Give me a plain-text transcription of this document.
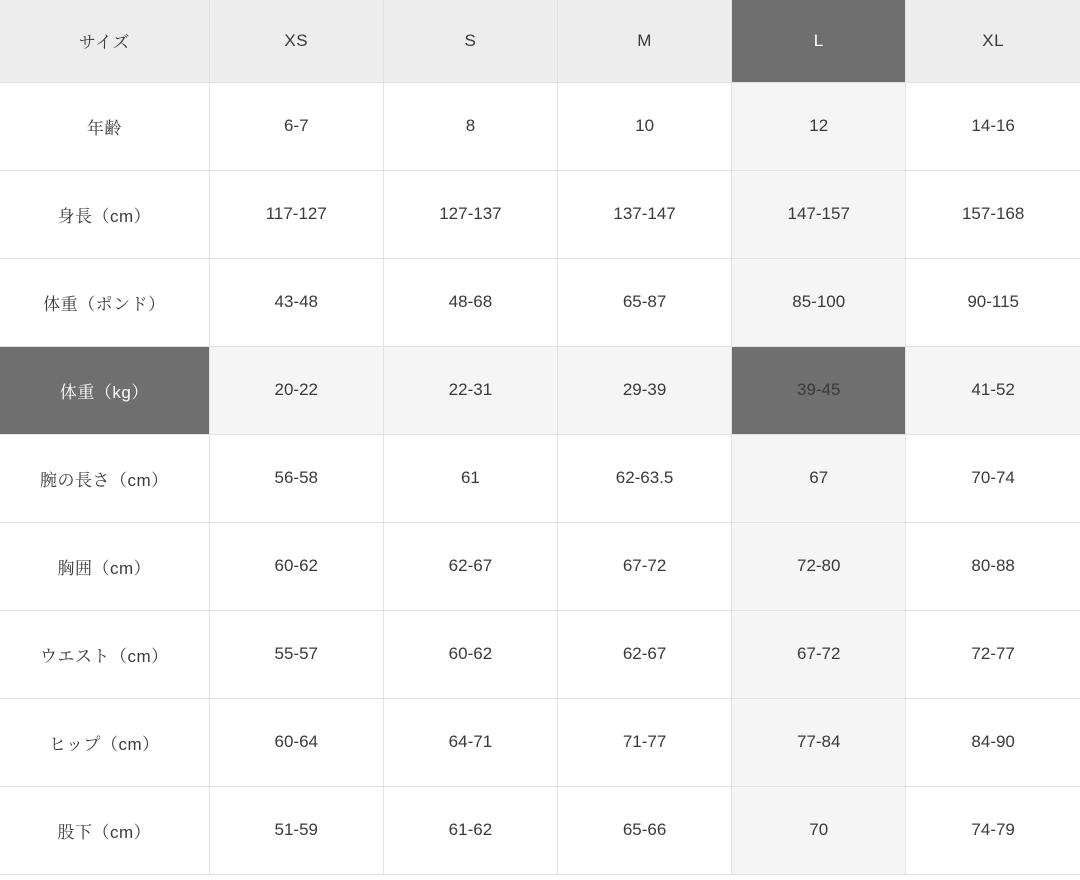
サイズ	XS	S	M	L	XL
年齢	6-7	8	10	12	14-16
身長（cm）	117-127	127-137	137-147	147-157	157-168
体重（ポンド）	43-48	48-68	65-87	85-100	90-115
体重（kg）	20-22	22-31	29-39	39-45	41-52
腕の長さ（cm）	56-58	61	62-63.5	67	70-74
胸囲（cm）	60-62	62-67	67-72	72-80	80-88
ウエスト（cm）	55-57	60-62	62-67	67-72	72-77
ヒップ（cm）	60-64	64-71	71-77	77-84	84-90
股下（cm）	51-59	61-62	65-66	70	74-79
